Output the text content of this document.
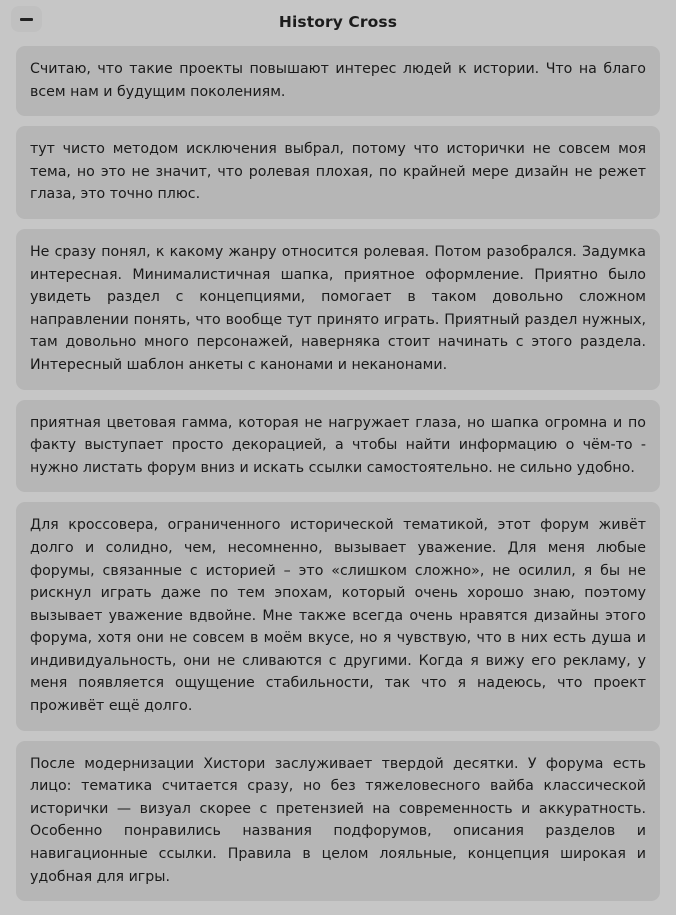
History Cross
Считаю, что такие проекты повышают интерес людей к истории. Что на благо всем нам и будущим поколениям.
тут чисто методом исключения выбрал, потому что исторички не совсем моя тема, но это не значит, что ролевая плохая, по крайней мере дизайн не режет глаза, это точно плюс.
Не сразу понял, к какому жанру относится ролевая. Потом разобрался. Задумка интересная. Минималистичная шапка, приятное оформление. Приятно было увидеть раздел с концепциями, помогает в таком довольно сложном направлении понять, что вообще тут принято играть. Приятный раздел нужных, там довольно много персонажей, наверняка стоит начинать с этого раздела. Интересный шаблон анкеты с канонами и неканонами.
приятная цветовая гамма, которая не нагружает глаза, но шапка огромна и по факту выступает просто декорацией, а чтобы найти информацию о чём-то - нужно листать форум вниз и искать ссылки самостоятельно. не сильно удобно.
Для кроссовера, ограниченного исторической тематикой, этот форум живёт долго и солидно, чем, несомненно, вызывает уважение. Для меня любые форумы, связанные с историей – это «слишком сложно», не осилил, я бы не рискнул играть даже по тем эпохам, который очень хорошо знаю, поэтому вызывает уважение вдвойне. Мне также всегда очень нравятся дизайны этого форума, хотя они не совсем в моём вкусе, но я чувствую, что в них есть душа и индивидуальность, они не сливаются с другими. Когда я вижу его рекламу, у меня появляется ощущение стабильности, так что я надеюсь, что проект проживёт ещё долго.
После модернизации Хистори заслуживает твердой десятки. У форума есть лицо: тематика считается сразу, но без тяжеловесного вайба классической исторички — визуал скорее с претензией на современность и аккуратность. Особенно понравились названия подфорумов, описания разделов и навигационные ссылки. Правила в целом лояльные, концепция широкая и удобная для игры.
